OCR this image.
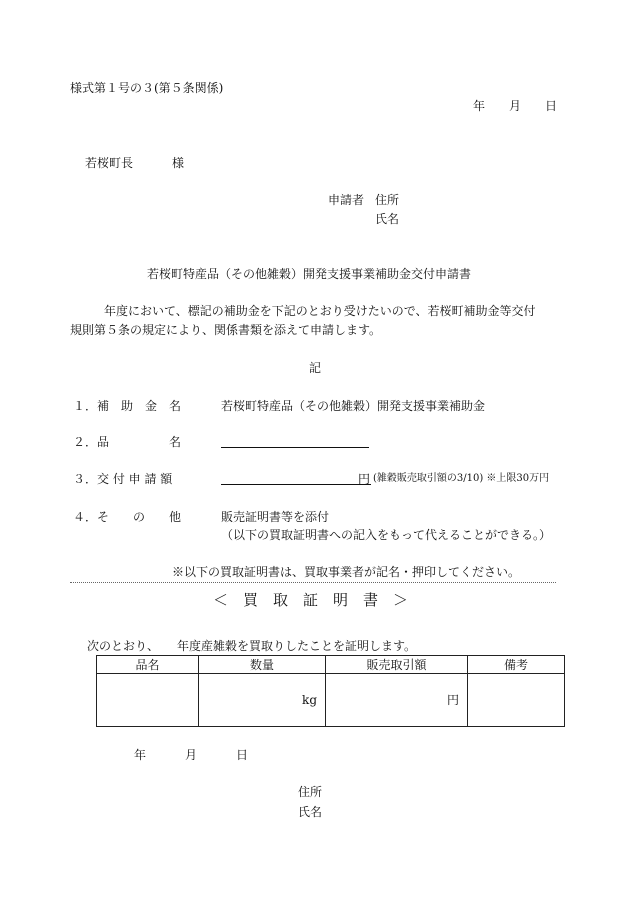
様式第１号の３(第５条関係)
年 月 日
若桜町長	様
申請者 住所
氏名
若桜町特産品（その他雑穀）開発支援事業補助金交付申請書
年度において、標記の補助金を下記のとおり受けたいので、若桜町補助金等交付
規則第５条の規定により、関係書類を添えて申請します。
記
１． 補　助　金　名	若桜町特産品（その他雑穀）開発支援事業補助金
２． 品　　　　　名
３． 交 付 申 請 額	円 (雑穀販売取引額の3/10) ※上限30万円
４． そ　　の　　他	販売証明書等を添付
（以下の買取証明書への記入をもって代えることができる。）
※以下の買取証明書は、買取事業者が記名・押印してください。
＜　買　取　証　明　書　＞
次のとおり、　　年度産雑穀を買取りしたことを証明します。
品名	数量	販売取引額	備考

	kg	円	

年	月	日
住所
氏名
